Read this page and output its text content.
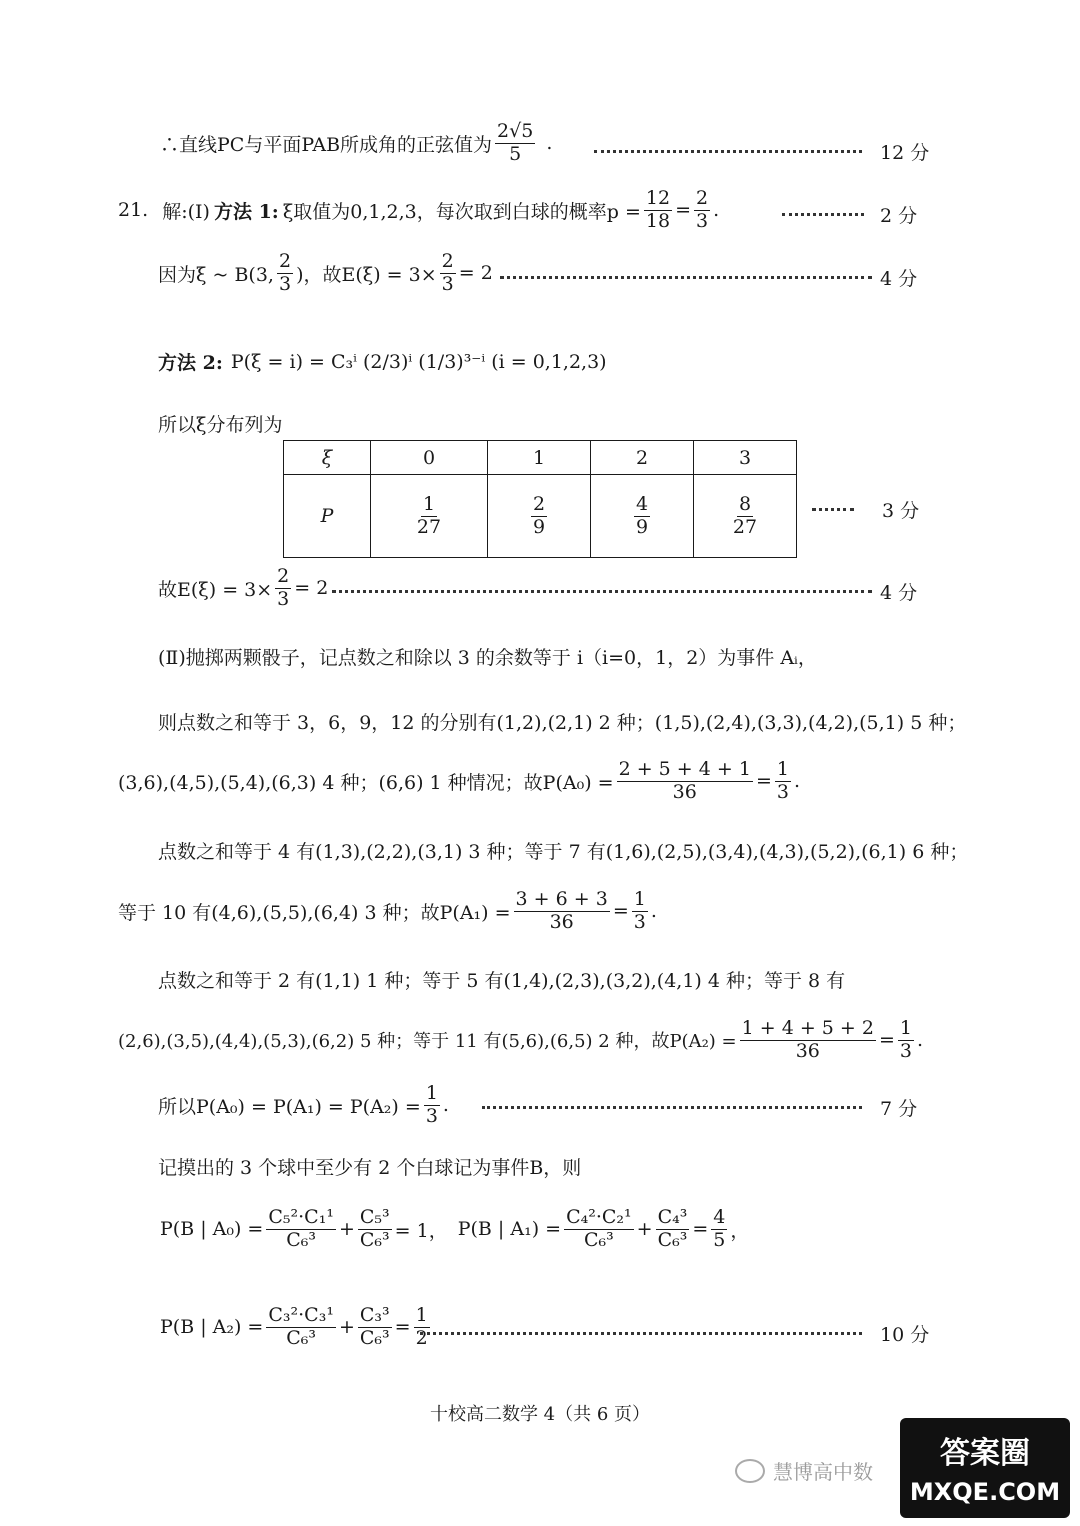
∴直线PC与平面PAB所成角的正弦值为 $\frac{2√5}{5}$ .	12 分
21. 解:(Ⅰ) 方法 1: ξ取值为0,1,2,3，每次取到白球的概率$p = \frac{12}{18} = \frac{2}{3}$ .	2 分
因为ξ ~ B(3, $\frac{2}{3}$ )，故$E(\xi) = 3\times \frac{2}{3} = 2$	4 分
方法 2: P(ξ = i) = C₃ⁱ (2/3)ⁱ (1/3)³⁻ⁱ (i = 0,1,2,3)
所以ξ分布列为
ξ	0	1	2	3
P	$\frac{1}{27}$	$\frac{2}{9}$	$\frac{4}{9}$	$\frac{8}{27}$	3 分
故$E(\xi) = 3\times \frac{2}{3} = 2$	4 分
(Ⅱ)抛掷两颗骰子，记点数之和除以 3 的余数等于 i（i=0，1，2）为事件 Aᵢ，
则点数之和等于 3，6，9，12 的分别有(1,2),(2,1) 2 种；(1,5),(2,4),(3,3),(4,2),(5,1) 5 种；
(3,6),(4,5),(5,4),(6,3) 4 种；(6,6) 1 种情况；故$P(A_0) = \frac{2 + 5 + 4 + 1}{36} = \frac{1}{3}$ .
点数之和等于 4 有(1,3),(2,2),(3,1) 3 种；等于 7 有(1,6),(2,5),(3,4),(4,3),(5,2),(6,1) 6 种；
等于 10 有(4,6),(5,5),(6,4) 3 种；故$P(A_1) = \frac{3 + 6 + 3}{36} = \frac{1}{3}$ .
点数之和等于 2 有(1,1) 1 种；等于 5 有(1,4),(2,3),(3,2),(4,1) 4 种；等于 8 有
(2,6),(3,5),(4,4),(5,3),(6,2) 5 种；等于 11 有(5,6),(6,5) 2 种，故$P(A_2) = \frac{1 + 4 + 5 + 2}{36} = \frac{1}{3}$ .
所以$P(A_0) = P(A_1) = P(A_2) = \frac{1}{3}$ .	7 分
记摸出的 3 个球中至少有 2 个白球记为事件B，则
P(B | $A_0) = \frac{\text{C₅²·C₁¹}}{\text{C₆³}} + \frac{\text{C₅³}}{\text{C₆³}} = 1$， P(B | $A_1) = \frac{\text{C₄²·C₂¹}}{\text{C₆³}} + \frac{\text{C₄³}}{\text{C₆³}} = \frac{4}{5}$ ，
P(B | $A_2) = \frac{\text{C₃²·C₃¹}}{\text{C₆³}} + \frac{\text{C₃³}}{\text{C₆³}} = \frac{1}{2}$	10 分
十校高二数学 4（共 6 页）
慧博高中数
答案圈
MXQE.COM
